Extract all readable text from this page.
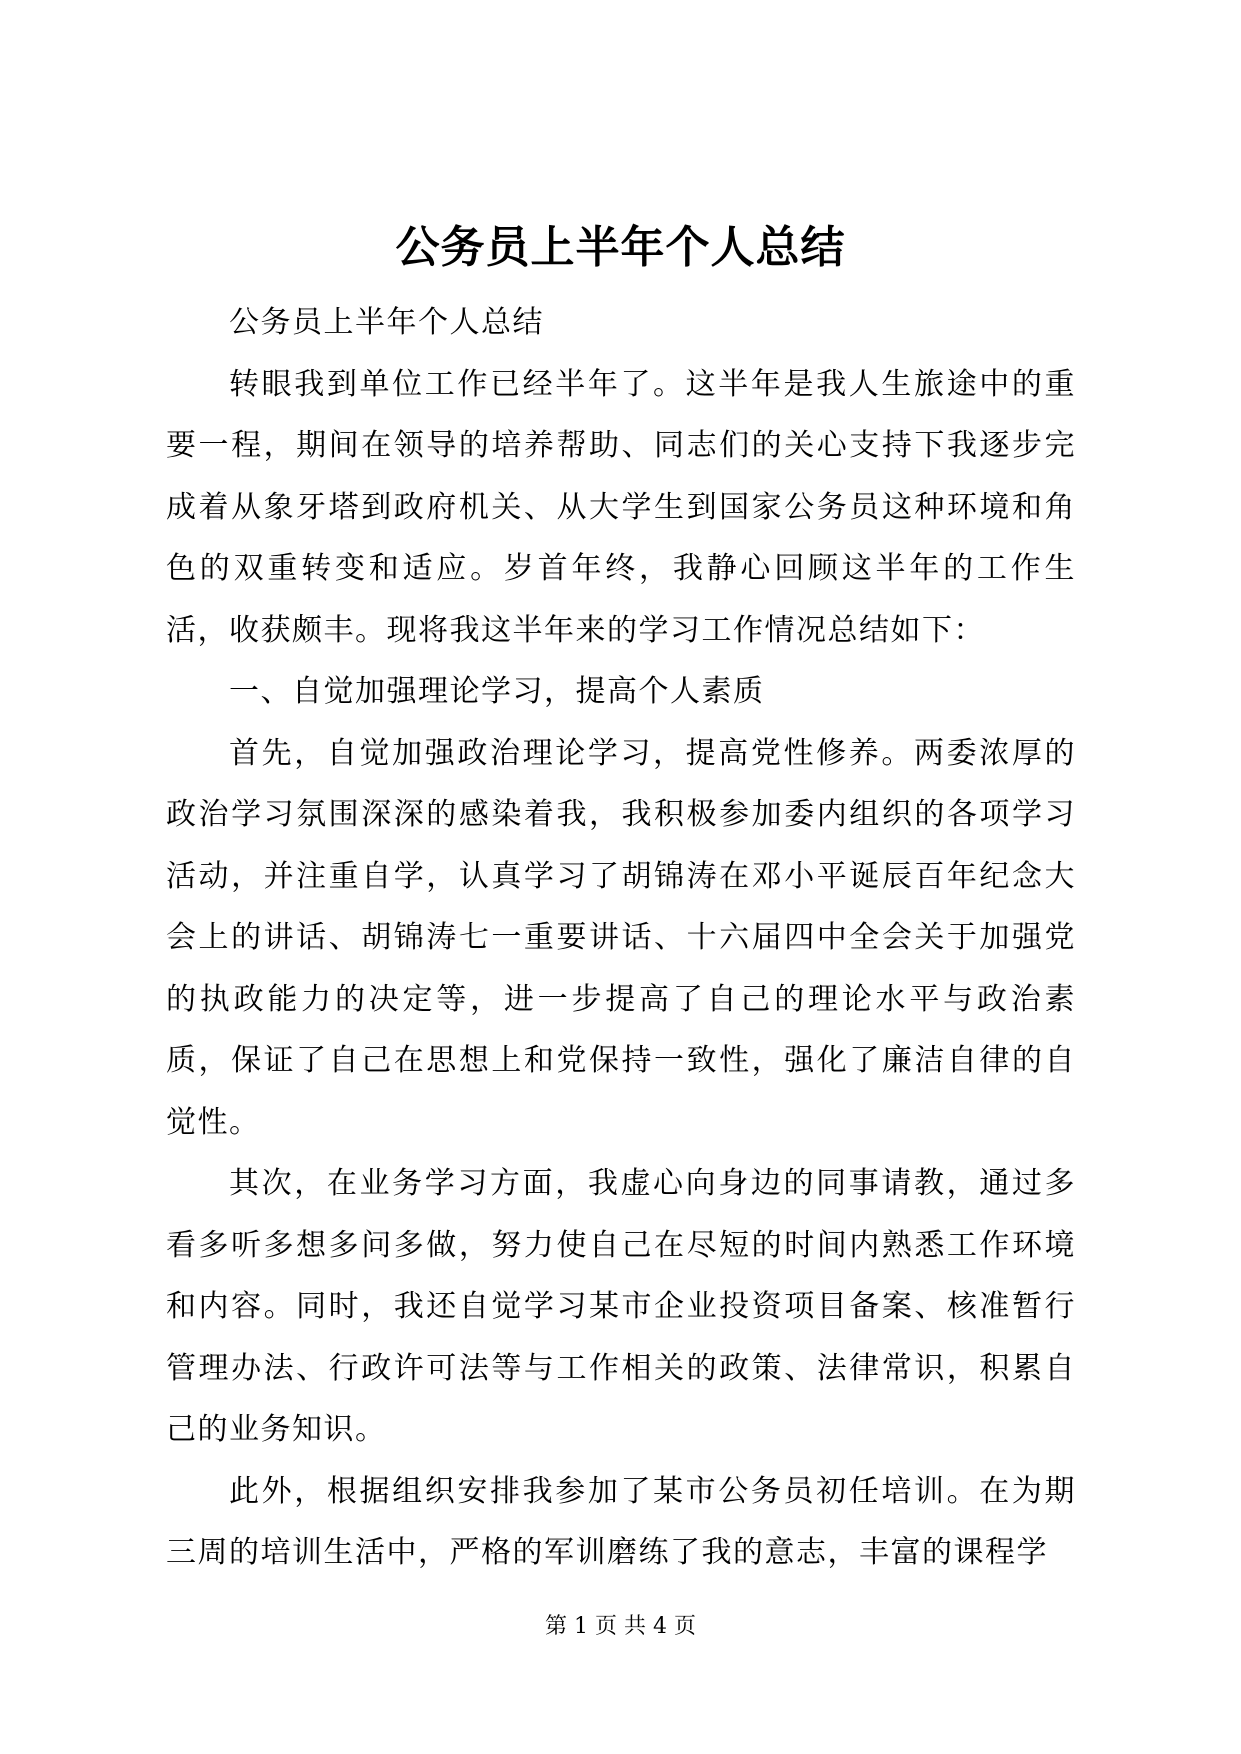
公务员上半年个人总结

公务员上半年个人总结

转眼我到单位工作已经半年了。这半年是我人生旅途中的重要一程，期间在领导的培养帮助、同志们的关心支持下我逐步完成着从象牙塔到政府机关、从大学生到国家公务员这种环境和角色的双重转变和适应。岁首年终，我静心回顾这半年的工作生活，收获颇丰。现将我这半年来的学习工作情况总结如下：

一、自觉加强理论学习，提高个人素质

首先，自觉加强政治理论学习，提高党性修养。两委浓厚的政治学习氛围深深的感染着我，我积极参加委内组织的各项学习活动，并注重自学，认真学习了胡锦涛在邓小平诞辰百年纪念大会上的讲话、胡锦涛七一重要讲话、十六届四中全会关于加强党的执政能力的决定等，进一步提高了自己的理论水平与政治素质，保证了自己在思想上和党保持一致性，强化了廉洁自律的自觉性。

其次，在业务学习方面，我虚心向身边的同事请教，通过多看多听多想多问多做，努力使自己在尽短的时间内熟悉工作环境和内容。同时，我还自觉学习某市企业投资项目备案、核准暂行管理办法、行政许可法等与工作相关的政策、法律常识，积累自己的业务知识。

此外，根据组织安排我参加了某市公务员初任培训。在为期三周的培训生活中，严格的军训磨练了我的意志，丰富的课程学

第 1 页 共 4 页
